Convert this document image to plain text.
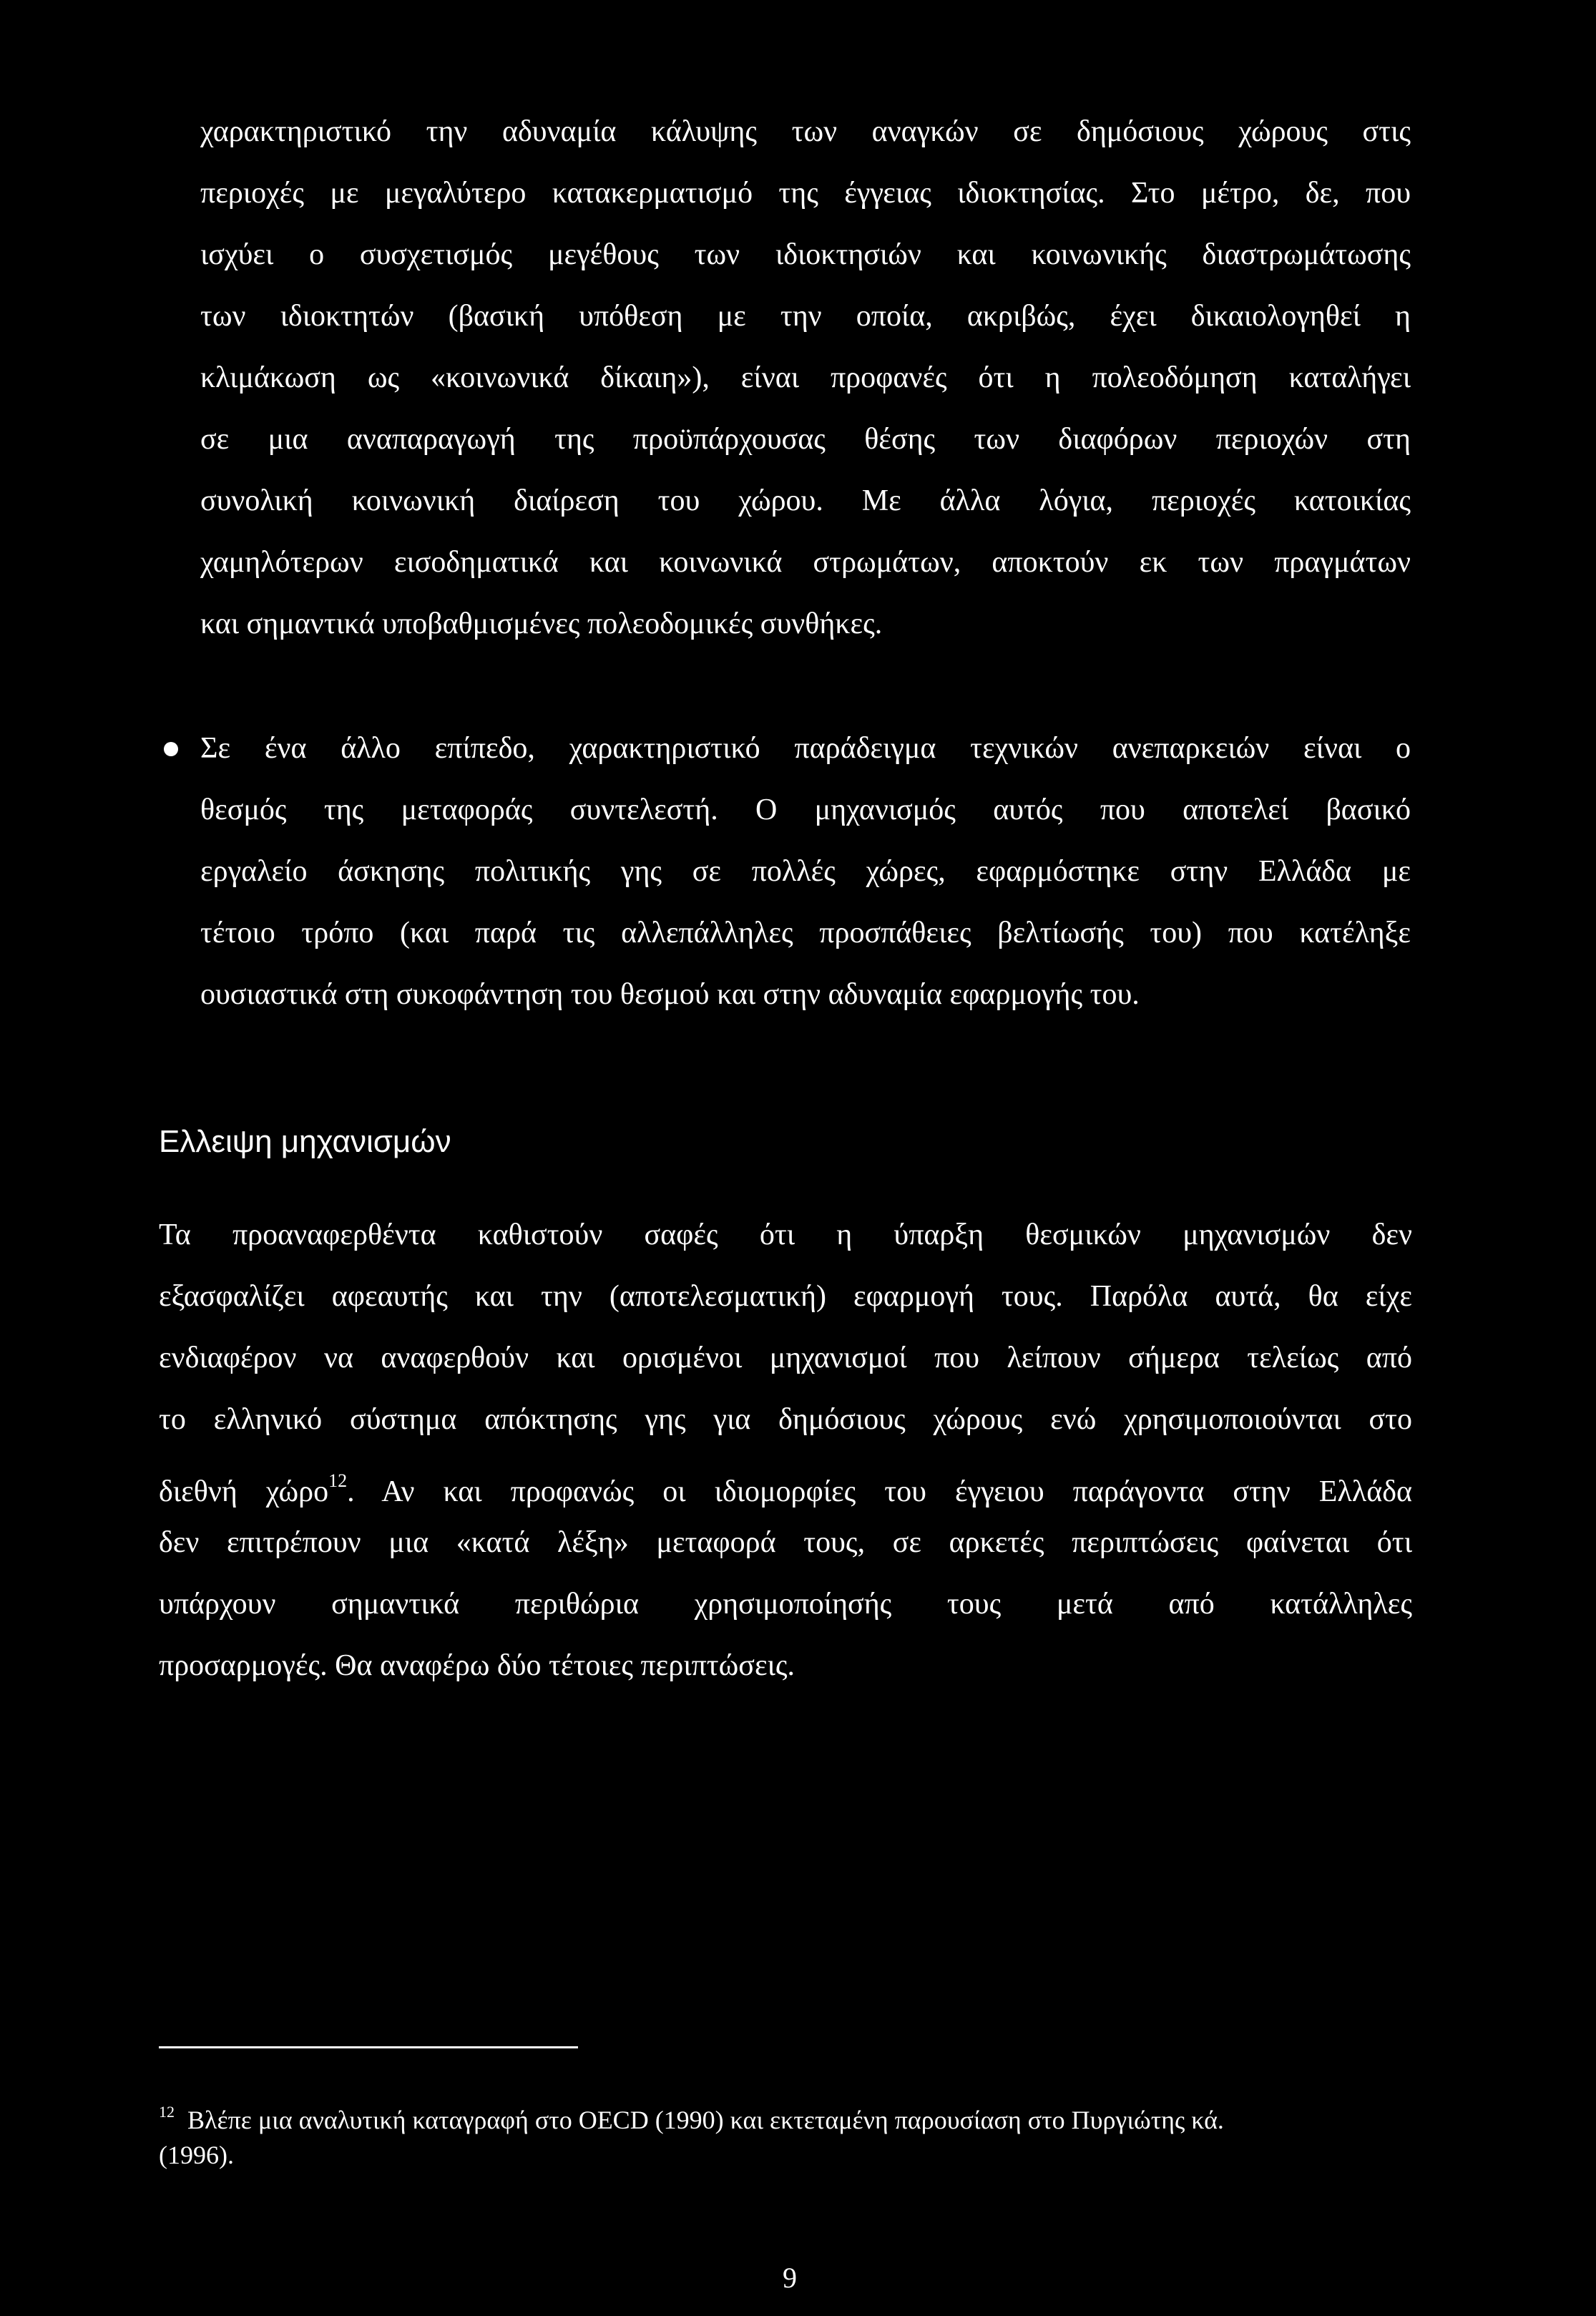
χαρακτηριστικό την αδυναμία κάλυψης των αναγκών σε δημόσιους χώρους στις
περιοχές με μεγαλύτερο κατακερματισμό της έγγειας ιδιοκτησίας. Στο μέτρο, δε, που
ισχύει ο συσχετισμός μεγέθους των ιδιοκτησιών και κοινωνικής διαστρωμάτωσης
των ιδιοκτητών (βασική υπόθεση με την οποία, ακριβώς, έχει δικαιολογηθεί η
κλιμάκωση ως «κοινωνικά δίκαιη»), είναι προφανές ότι η πολεοδόμηση καταλήγει
σε μια αναπαραγωγή της προϋπάρχουσας θέσης των διαφόρων περιοχών στη
συνολική κοινωνική διαίρεση του χώρου. Με άλλα λόγια, περιοχές κατοικίας
χαμηλότερων εισοδηματικά και κοινωνικά στρωμάτων, αποκτούν εκ των πραγμάτων
και σημαντικά υποβαθμισμένες πολεοδομικές συνθήκες.
Σε ένα άλλο επίπεδο, χαρακτηριστικό παράδειγμα τεχνικών ανεπαρκειών είναι ο
θεσμός της μεταφοράς συντελεστή. Ο μηχανισμός αυτός που αποτελεί βασικό
εργαλείο άσκησης πολιτικής γης σε πολλές χώρες, εφαρμόστηκε στην Ελλάδα με
τέτοιο τρόπο (και παρά τις αλλεπάλληλες προσπάθειες βελτίωσής του) που κατέληξε
ουσιαστικά στη συκοφάντηση του θεσμού και στην αδυναμία εφαρμογής του.
Ελλειψη μηχανισμών
Τα προαναφερθέντα καθιστούν σαφές ότι η ύπαρξη θεσμικών μηχανισμών δεν
εξασφαλίζει αφεαυτής και την (αποτελεσματική) εφαρμογή τους. Παρόλα αυτά, θα είχε
ενδιαφέρον να αναφερθούν και ορισμένοι μηχανισμοί που λείπουν σήμερα τελείως από
το ελληνικό σύστημα απόκτησης γης για δημόσιους χώρους ενώ χρησιμοποιούνται στο
διεθνή χώρο$^{12}$. Αν και προφανώς οι ιδιομορφίες του έγγειου παράγοντα στην Ελλάδα
δεν επιτρέπουν μια «κατά λέξη» μεταφορά τους, σε αρκετές περιπτώσεις φαίνεται ότι
υπάρχουν σημαντικά περιθώρια χρησιμοποίησής τους μετά από κατάλληλες
προσαρμογές. Θα αναφέρω δύο τέτοιες περιπτώσεις.
$^{12}$ Βλέπε μια αναλυτική καταγραφή στο OECD (1990) και εκτεταμένη παρουσίαση στο Πυργιώτης κά.
(1996).
9
